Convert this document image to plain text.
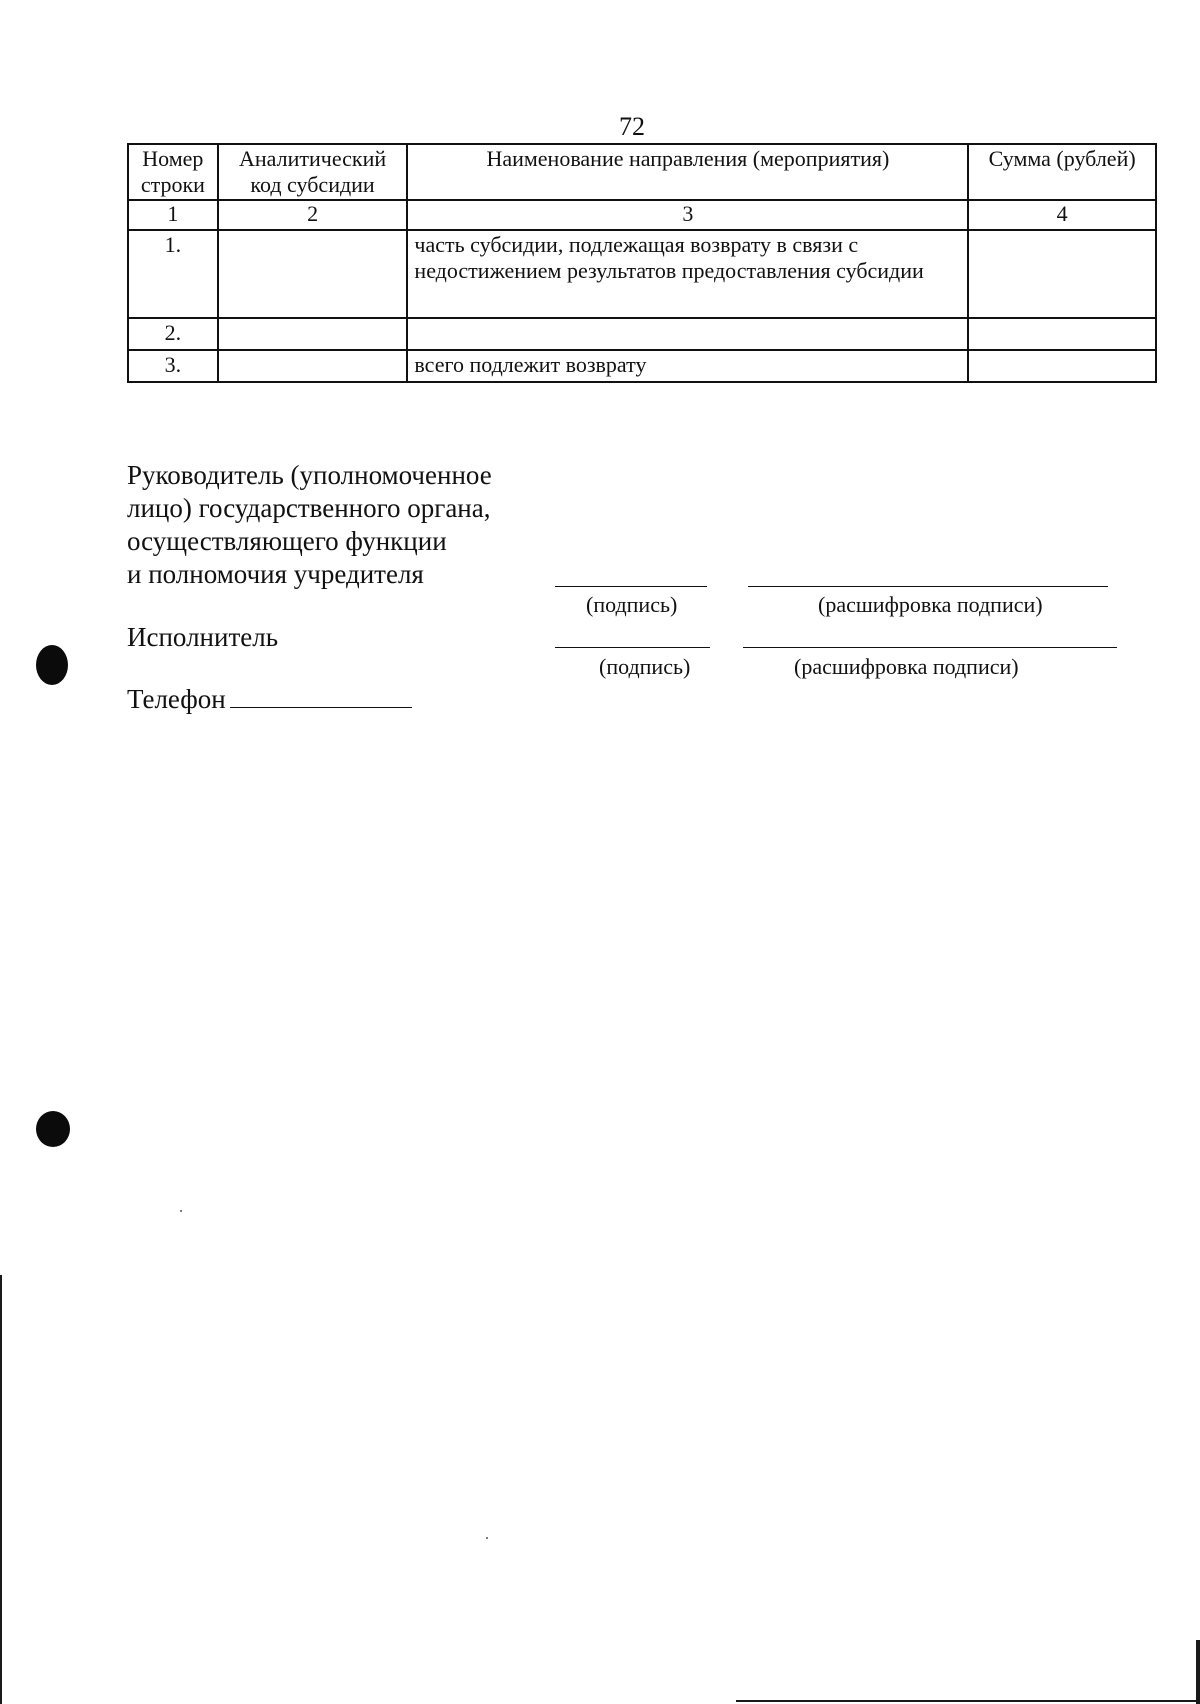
72
Номер строки	Аналитический код субсидии	Наименование направления (мероприятия)	Сумма (рублей)
1	2	3	4
1.		часть субсидии, подлежащая возврату в связи с недостижением результатов предоставления субсидии	
2.			
3.		всего подлежит возврату	
Руководитель (уполномоченное
лицо) государственного органа,
осуществляющего функции
и полномочия учредителя
(подпись)	(расшифровка подписи)
Исполнитель
(подпись)	(расшифровка подписи)
Телефон
